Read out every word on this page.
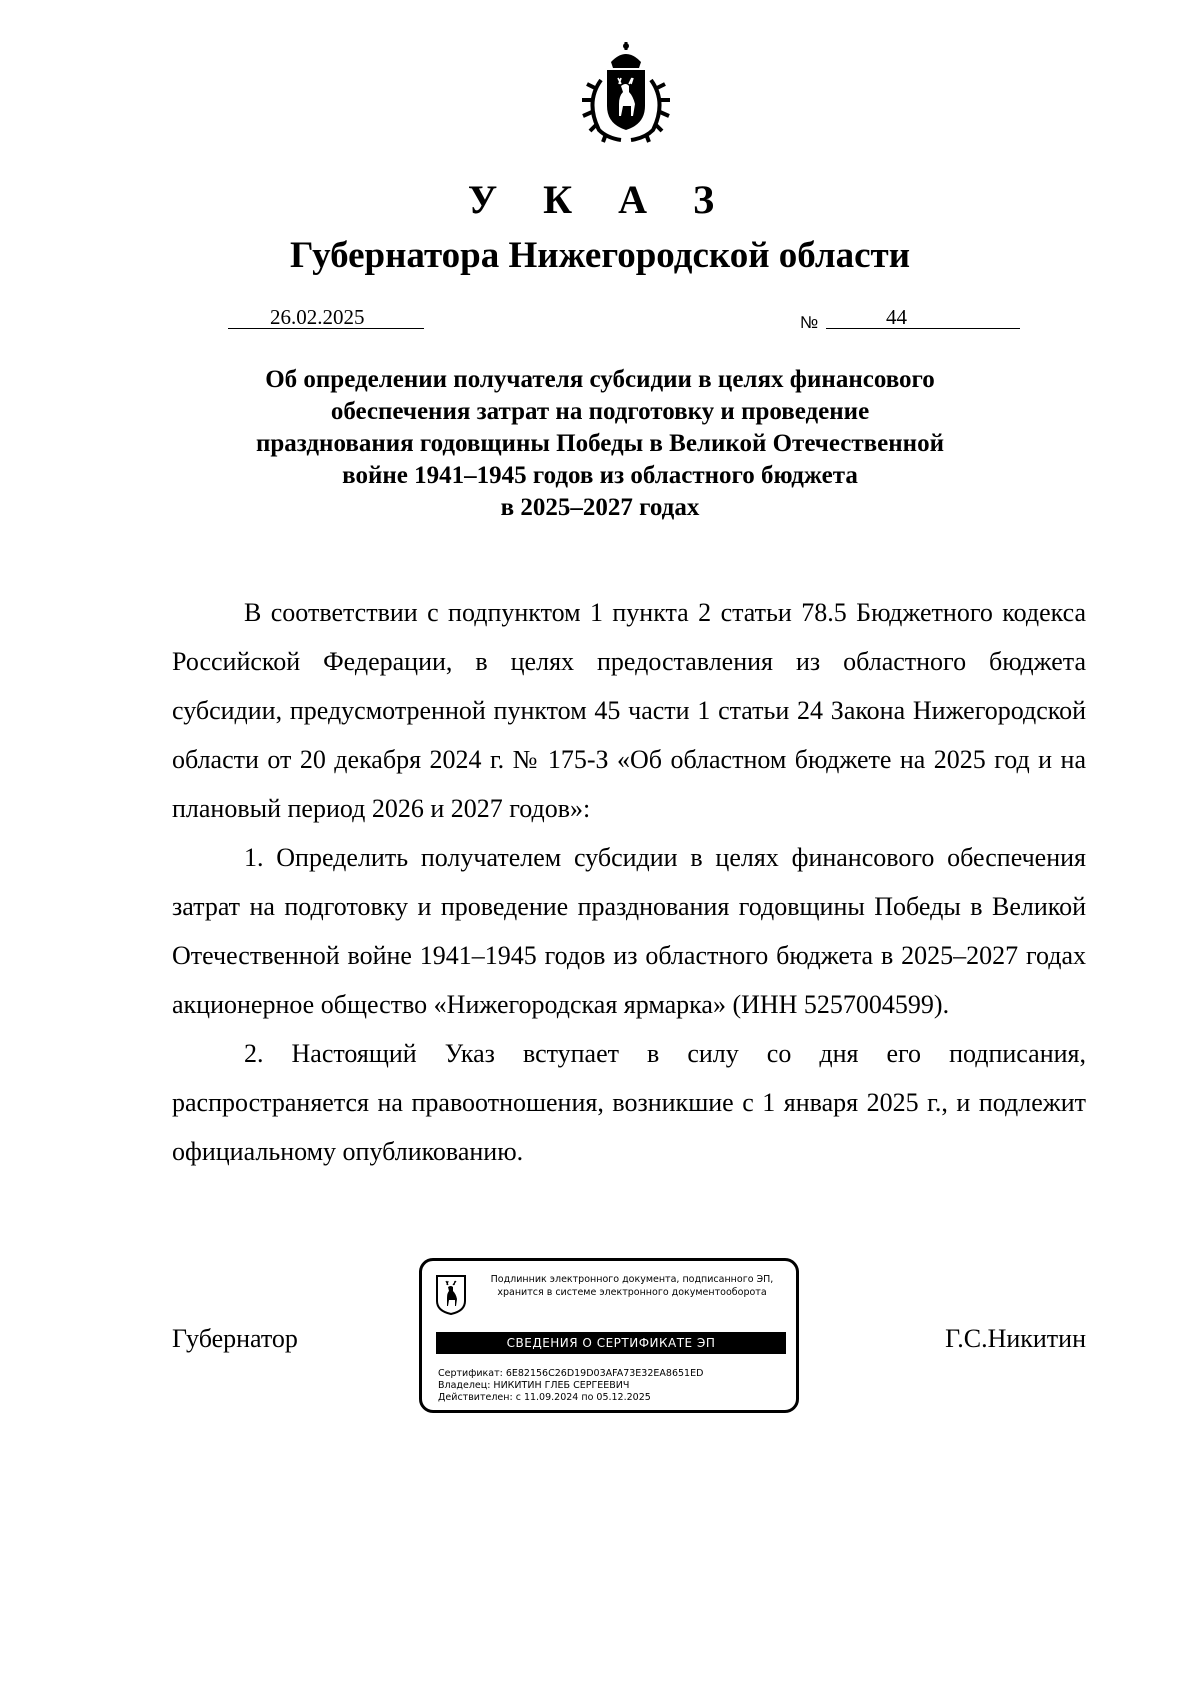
У К А З
Губернатора Нижегородской области
26.02.2025	№	44
Об определении получателя субсидии в целях финансового
обеспечения затрат на подготовку и проведение
празднования годовщины Победы в Великой Отечественной
войне 1941–1945 годов из областного бюджета
в 2025–2027 годах

В соответствии с подпунктом 1 пункта 2 статьи 78.5 Бюджетного кодекса Российской Федерации, в целях предоставления из областного бюджета субсидии, предусмотренной пунктом 45 части 1 статьи 24 Закона Нижегородской области от 20 декабря 2024 г. № 175-З «Об областном бюджете на 2025 год и на плановый период 2026 и 2027 годов»:

1. Определить получателем субсидии в целях финансового обеспечения затрат на подготовку и проведение празднования годовщины Победы в Великой Отечественной войне 1941–1945 годов из областного бюджета в 2025–2027 годах акционерное общество «Нижегородская ярмарка» (ИНН 5257004599).

2. Настоящий Указ вступает в силу со дня его подписания, распространяется на правоотношения, возникшие с 1 января 2025 г., и подлежит официальному опубликованию.

Губернатор	Г.С.Никитин
Подлинник электронного документа, подписанного ЭП,
хранится в системе электронного документооборота
СВЕДЕНИЯ О СЕРТИФИКАТЕ ЭП
Сертификат: 6E82156C26D19D03AFA73E32EA8651ED
Владелец: НИКИТИН ГЛЕБ СЕРГЕЕВИЧ
Действителен: с 11.09.2024 по 05.12.2025
